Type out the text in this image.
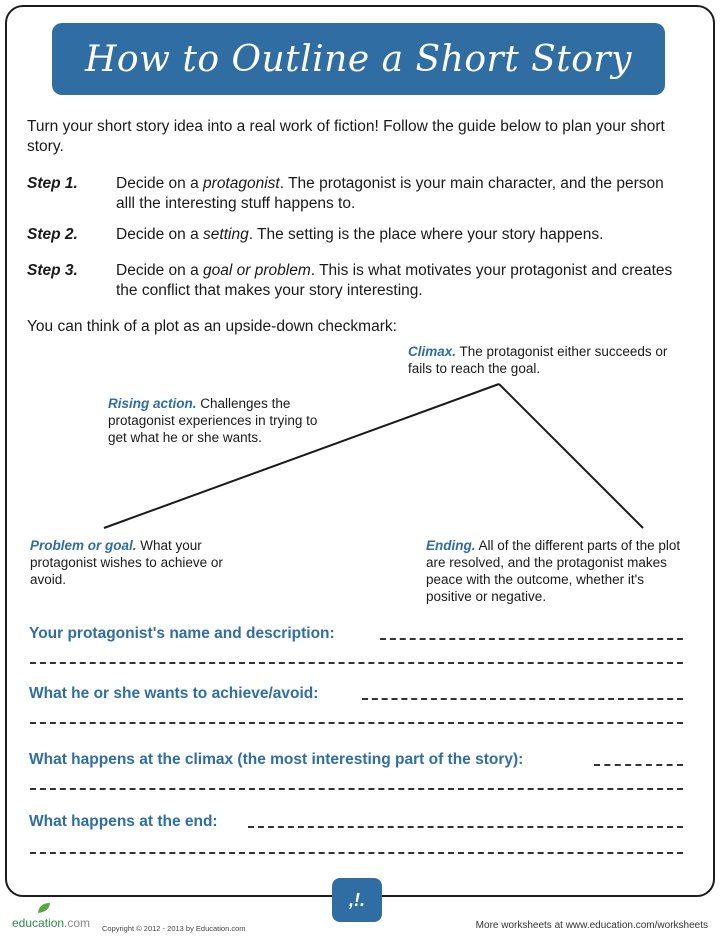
How to Outline a Short Story
Turn your short story idea into a real work of fiction! Follow the guide below to plan your short story.
Step 1. Decide on a protagonist. The protagonist is your main character, and the person alll the interesting stuff happens to.
Step 2. Decide on a setting. The setting is the place where your story happens.
Step 3. Decide on a goal or problem. This is what motivates your protagonist and creates the conflict that makes your story interesting.
You can think of a plot as an upside-down checkmark:
Climax. The protagonist either succeeds or fails to reach the goal.
Rising action. Challenges the protagonist experiences in trying to get what he or she wants.
Problem or goal. What your protagonist wishes to achieve or avoid.
Ending. All of the different parts of the plot are resolved, and the protagonist makes peace with the outcome, whether it's positive or negative.
Your protagonist's name and description:
What he or she wants to achieve/avoid:
What happens at the climax (the most interesting part of the story):
What happens at the end:
,!.
education.com Copyright © 2012 - 2013 by Education.com	More worksheets at www.education.com/worksheets
